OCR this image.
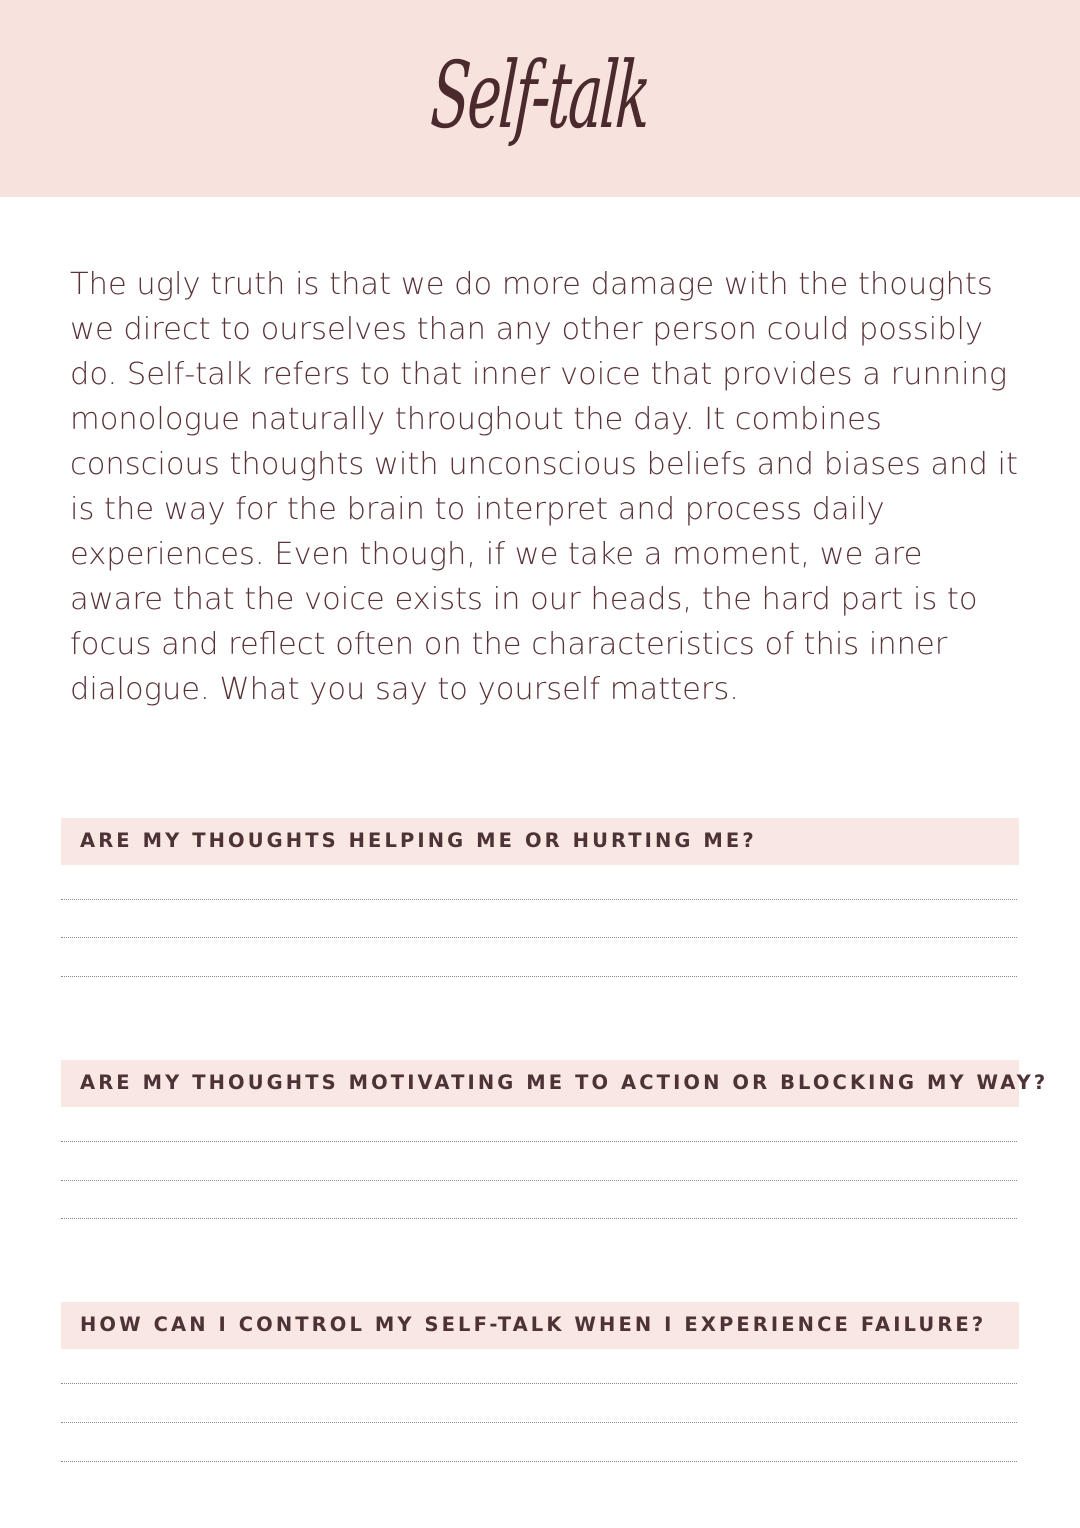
Self-talk

The ugly truth is that we do more damage with the thoughts we direct to ourselves than any other person could possibly do. Self-talk refers to that inner voice that provides a running monologue naturally throughout the day. It combines conscious thoughts with unconscious beliefs and biases and it is the way for the brain to interpret and process daily experiences. Even though, if we take a moment, we are aware that the voice exists in our heads, the hard part is to focus and reflect often on the characteristics of this inner dialogue. What you say to yourself matters.

ARE MY THOUGHTS HELPING ME OR HURTING ME?
ARE MY THOUGHTS MOTIVATING ME TO ACTION OR BLOCKING MY WAY?
HOW CAN I CONTROL MY SELF-TALK WHEN I EXPERIENCE FAILURE?
